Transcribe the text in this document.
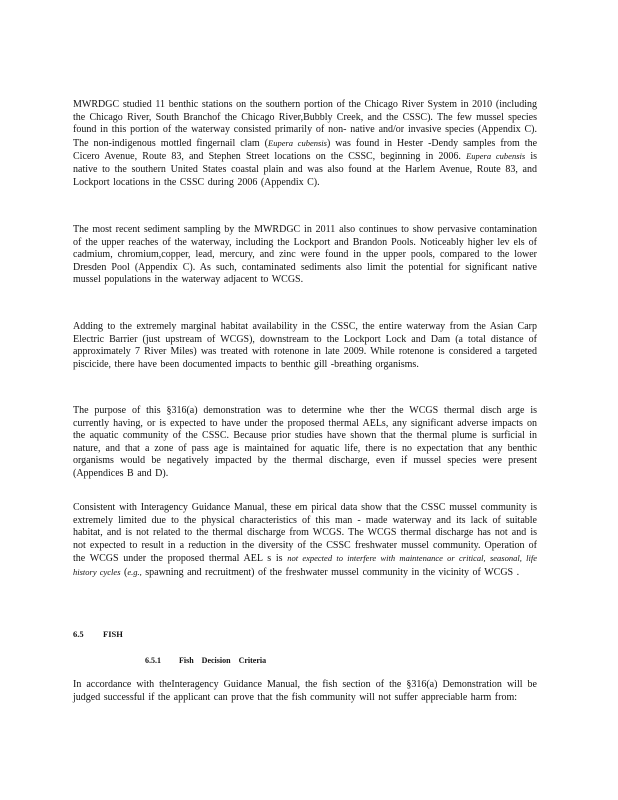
MWRDGC studied 11 benthic stations on the southern portion of the Chicago River System in 2010 (including the Chicago River, South Branchof the Chicago River,Bubbly Creek, and the CSSC). The few mussel species found in this portion of the waterway consisted primarily of non- native and/or invasive species (Appendix C). The non-indigenous mottled fingernail clam (Eupera cubensis) was found in Hester -Dendy samples from the Cicero Avenue, Route 83, and Stephen Street locations on the CSSC, beginning in 2006. Eupera cubensis is native to the southern United States coastal plain and was also found at the Harlem Avenue, Route 83, and Lockport locations in the CSSC during 2006 (Appendix C).

The most recent sediment sampling by the MWRDGC in 2011 also continues to show pervasive contamination of the upper reaches of the waterway, including the Lockport and Brandon Pools. Noticeably higher lev els of cadmium, chromium,copper, lead, mercury, and zinc were found in the upper pools, compared to the lower Dresden Pool (Appendix C). As such, contaminated sediments also limit the potential for significant native mussel populations in the waterway adjacent to WCGS.

Adding to the extremely marginal habitat availability in the CSSC, the entire waterway from the Asian Carp Electric Barrier (just upstream of WCGS), downstream to the Lockport Lock and Dam (a total distance of approximately 7 River Miles) was treated with rotenone in late 2009. While rotenone is considered a targeted piscicide, there have been documented impacts to benthic gill -breathing organisms.

The purpose of this §316(a) demonstration was to determine whe ther the WCGS thermal disch arge is currently having, or is expected to have under the proposed thermal AELs, any significant adverse impacts on the aquatic community of the CSSC. Because prior studies have shown that the thermal plume is surficial in nature, and that a zone of pass age is maintained for aquatic life, there is no expectation that any benthic organisms would be negatively impacted by the thermal discharge, even if mussel species were present (Appendices B and D).

Consistent with Interagency Guidance Manual, these em pirical data show that the CSSC mussel community is extremely limited due to the physical characteristics of this man - made waterway and its lack of suitable habitat, and is not related to the thermal discharge from WCGS. The WCGS thermal discharge has not and is not expected to result in a reduction in the diversity of the CSSC freshwater mussel community. Operation of the WCGS under the proposed thermal AEL s is not expected to interfere with maintenance or critical, seasonal, life history cycles (e.g., spawning and recruitment) of the freshwater mussel community in the vicinity of WCGS .

6.5 FISH
6.5.1 Fish Decision Criteria

In accordance with theInteragency Guidance Manual, the fish section of the §316(a) Demonstration will be judged successful if the applicant can prove that the fish community will not suffer appreciable harm from:
